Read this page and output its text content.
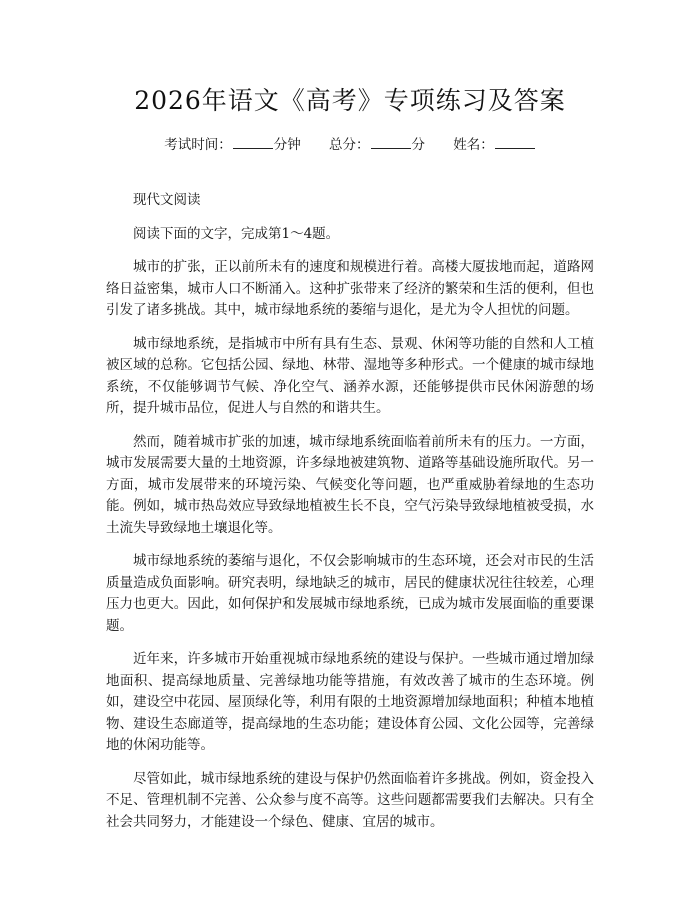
2026年语文《高考》专项练习及答案
考试时间：	分钟 总分：	分 姓名：

现代文阅读

阅读下面的文字，完成第1～4题。

城市的扩张，正以前所未有的速度和规模进行着。高楼大厦拔地而起，道路网络日益密集，城市人口不断涌入。这种扩张带来了经济的繁荣和生活的便利，但也引发了诸多挑战。其中，城市绿地系统的萎缩与退化，是尤为令人担忧的问题。

城市绿地系统，是指城市中所有具有生态、景观、休闲等功能的自然和人工植被区域的总称。它包括公园、绿地、林带、湿地等多种形式。一个健康的城市绿地系统，不仅能够调节气候、净化空气、涵养水源，还能够提供市民休闲游憩的场所，提升城市品位，促进人与自然的和谐共生。

然而，随着城市扩张的加速，城市绿地系统面临着前所未有的压力。一方面，城市发展需要大量的土地资源，许多绿地被建筑物、道路等基础设施所取代。另一方面，城市发展带来的环境污染、气候变化等问题，也严重威胁着绿地的生态功能。例如，城市热岛效应导致绿地植被生长不良，空气污染导致绿地植被受损，水土流失导致绿地土壤退化等。

城市绿地系统的萎缩与退化，不仅会影响城市的生态环境，还会对市民的生活质量造成负面影响。研究表明，绿地缺乏的城市，居民的健康状况往往较差，心理压力也更大。因此，如何保护和发展城市绿地系统，已成为城市发展面临的重要课题。

近年来，许多城市开始重视城市绿地系统的建设与保护。一些城市通过增加绿地面积、提高绿地质量、完善绿地功能等措施，有效改善了城市的生态环境。例如，建设空中花园、屋顶绿化等，利用有限的土地资源增加绿地面积；种植本地植物、建设生态廊道等，提高绿地的生态功能；建设体育公园、文化公园等，完善绿地的休闲功能等。

尽管如此，城市绿地系统的建设与保护仍然面临着许多挑战。例如，资金投入不足、管理机制不完善、公众参与度不高等。这些问题都需要我们去解决。只有全社会共同努力，才能建设一个绿色、健康、宜居的城市。
